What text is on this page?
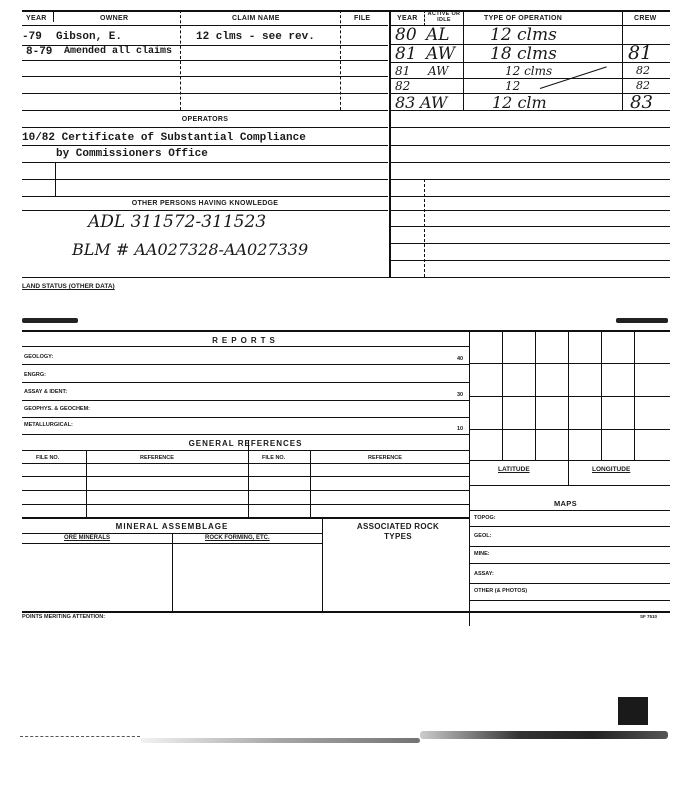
YEAR	OWNER	CLAIM NAME	FILE
-79 Gibson, E.	12 clms - see rev.
8-79 Amended all claims
OPERATORS
10/82 Certificate of Substantial Compliance
by Commissioners Office
OTHER PERSONS HAVING KNOWLEDGE
ADL 311572-311523
BLM # AA027328-AA027339
YEAR
ACTIVE OR IDLE	TYPE OF OPERATION	CREW
80 AL 12 clms
81 AW 18 clms	81
81 AW	12 clms	82
82	12	82
83 AW	12 clm	83
LAND STATUS (OTHER DATA)
REPORTS
GEOLOGY:	40
ENGRG:
ASSAY & IDENT:	30
GEOPHYS. & GEOCHEM:
METALLURGICAL:
10
GENERAL REFERENCES
FILE NO.	REFERENCE	FILE NO.	REFERENCE
LATITUDE	LONGITUDE
MAPS
TOPOG:
GEOL:
MINE:
ASSAY:
OTHER (& PHOTOS)
MINERAL ASSEMBLAGE
ORE MINERALS	ROCK FORMING, ETC.
ASSOCIATED ROCK TYPES
POINTS MERITING ATTENTION:	SF 7510
